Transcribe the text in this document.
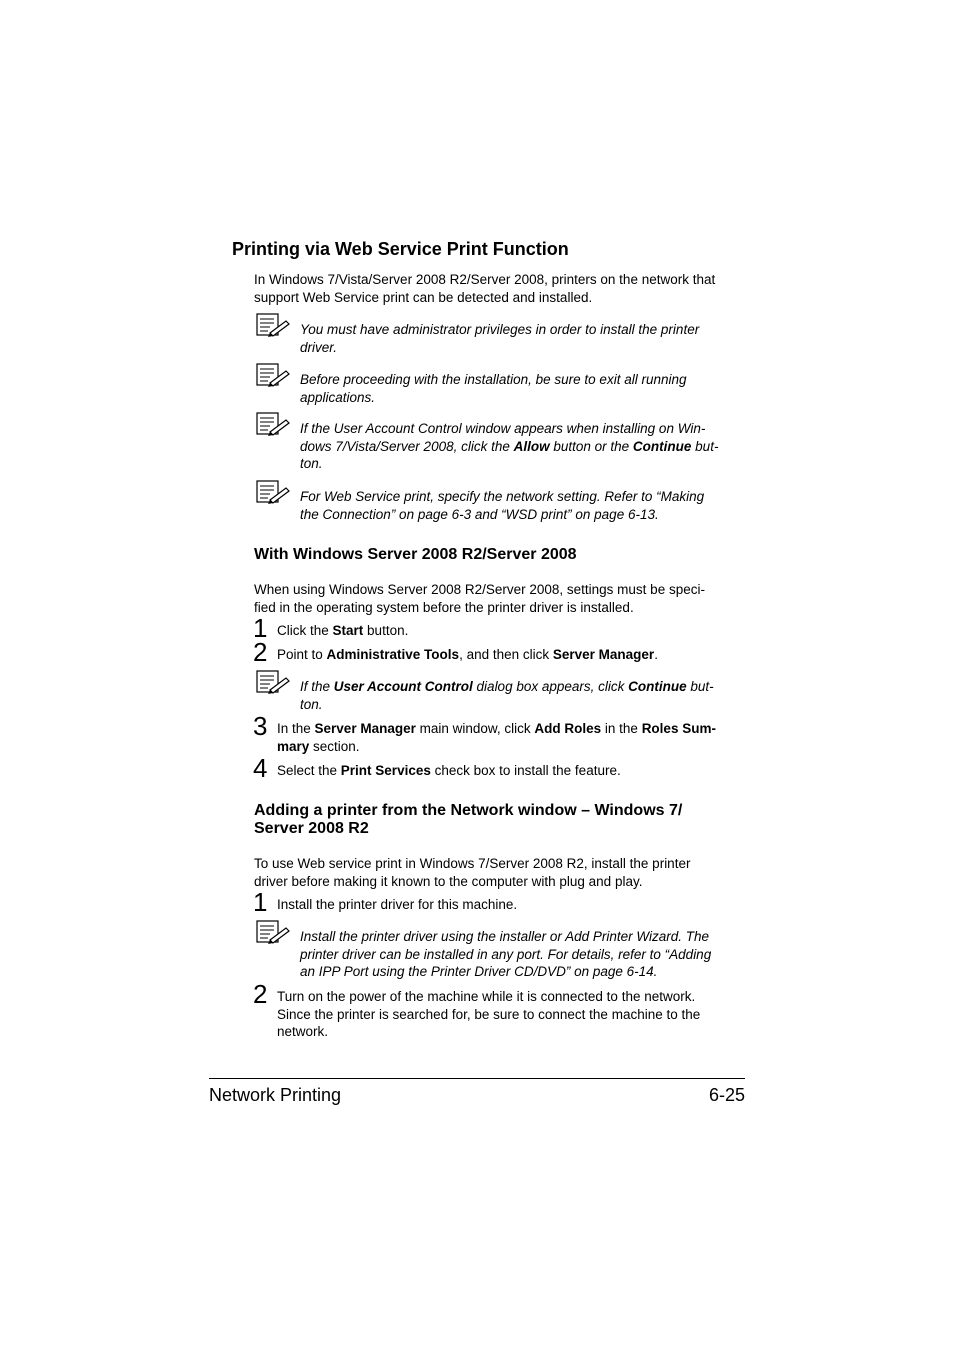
Printing via Web Service Print Function
In Windows 7/Vista/Server 2008 R2/Server 2008, printers on the network that
support Web Service print can be detected and installed.
You must have administrator privileges in order to install the printer
driver.
Before proceeding with the installation, be sure to exit all running
applications.
If the User Account Control window appears when installing on Win-
dows 7/Vista/Server 2008, click the Allow button or the Continue but-
ton.
For Web Service print, specify the network setting. Refer to “Making
the Connection” on page 6-3 and “WSD print” on page 6-13.
With Windows Server 2008 R2/Server 2008
When using Windows Server 2008 R2/Server 2008, settings must be speci-
fied in the operating system before the printer driver is installed.
1 Click the Start button.
2 Point to Administrative Tools, and then click Server Manager.
If the User Account Control dialog box appears, click Continue but-
ton.
3 In the Server Manager main window, click Add Roles in the Roles Sum-
mary section.
4 Select the Print Services check box to install the feature.
Adding a printer from the Network window – Windows 7/
Server 2008 R2
To use Web service print in Windows 7/Server 2008 R2, install the printer
driver before making it known to the computer with plug and play.
1 Install the printer driver for this machine.
Install the printer driver using the installer or Add Printer Wizard. The
printer driver can be installed in any port. For details, refer to “Adding
an IPP Port using the Printer Driver CD/DVD” on page 6-14.
2 Turn on the power of the machine while it is connected to the network.
Since the printer is searched for, be sure to connect the machine to the
network.
Network Printing	6-25
